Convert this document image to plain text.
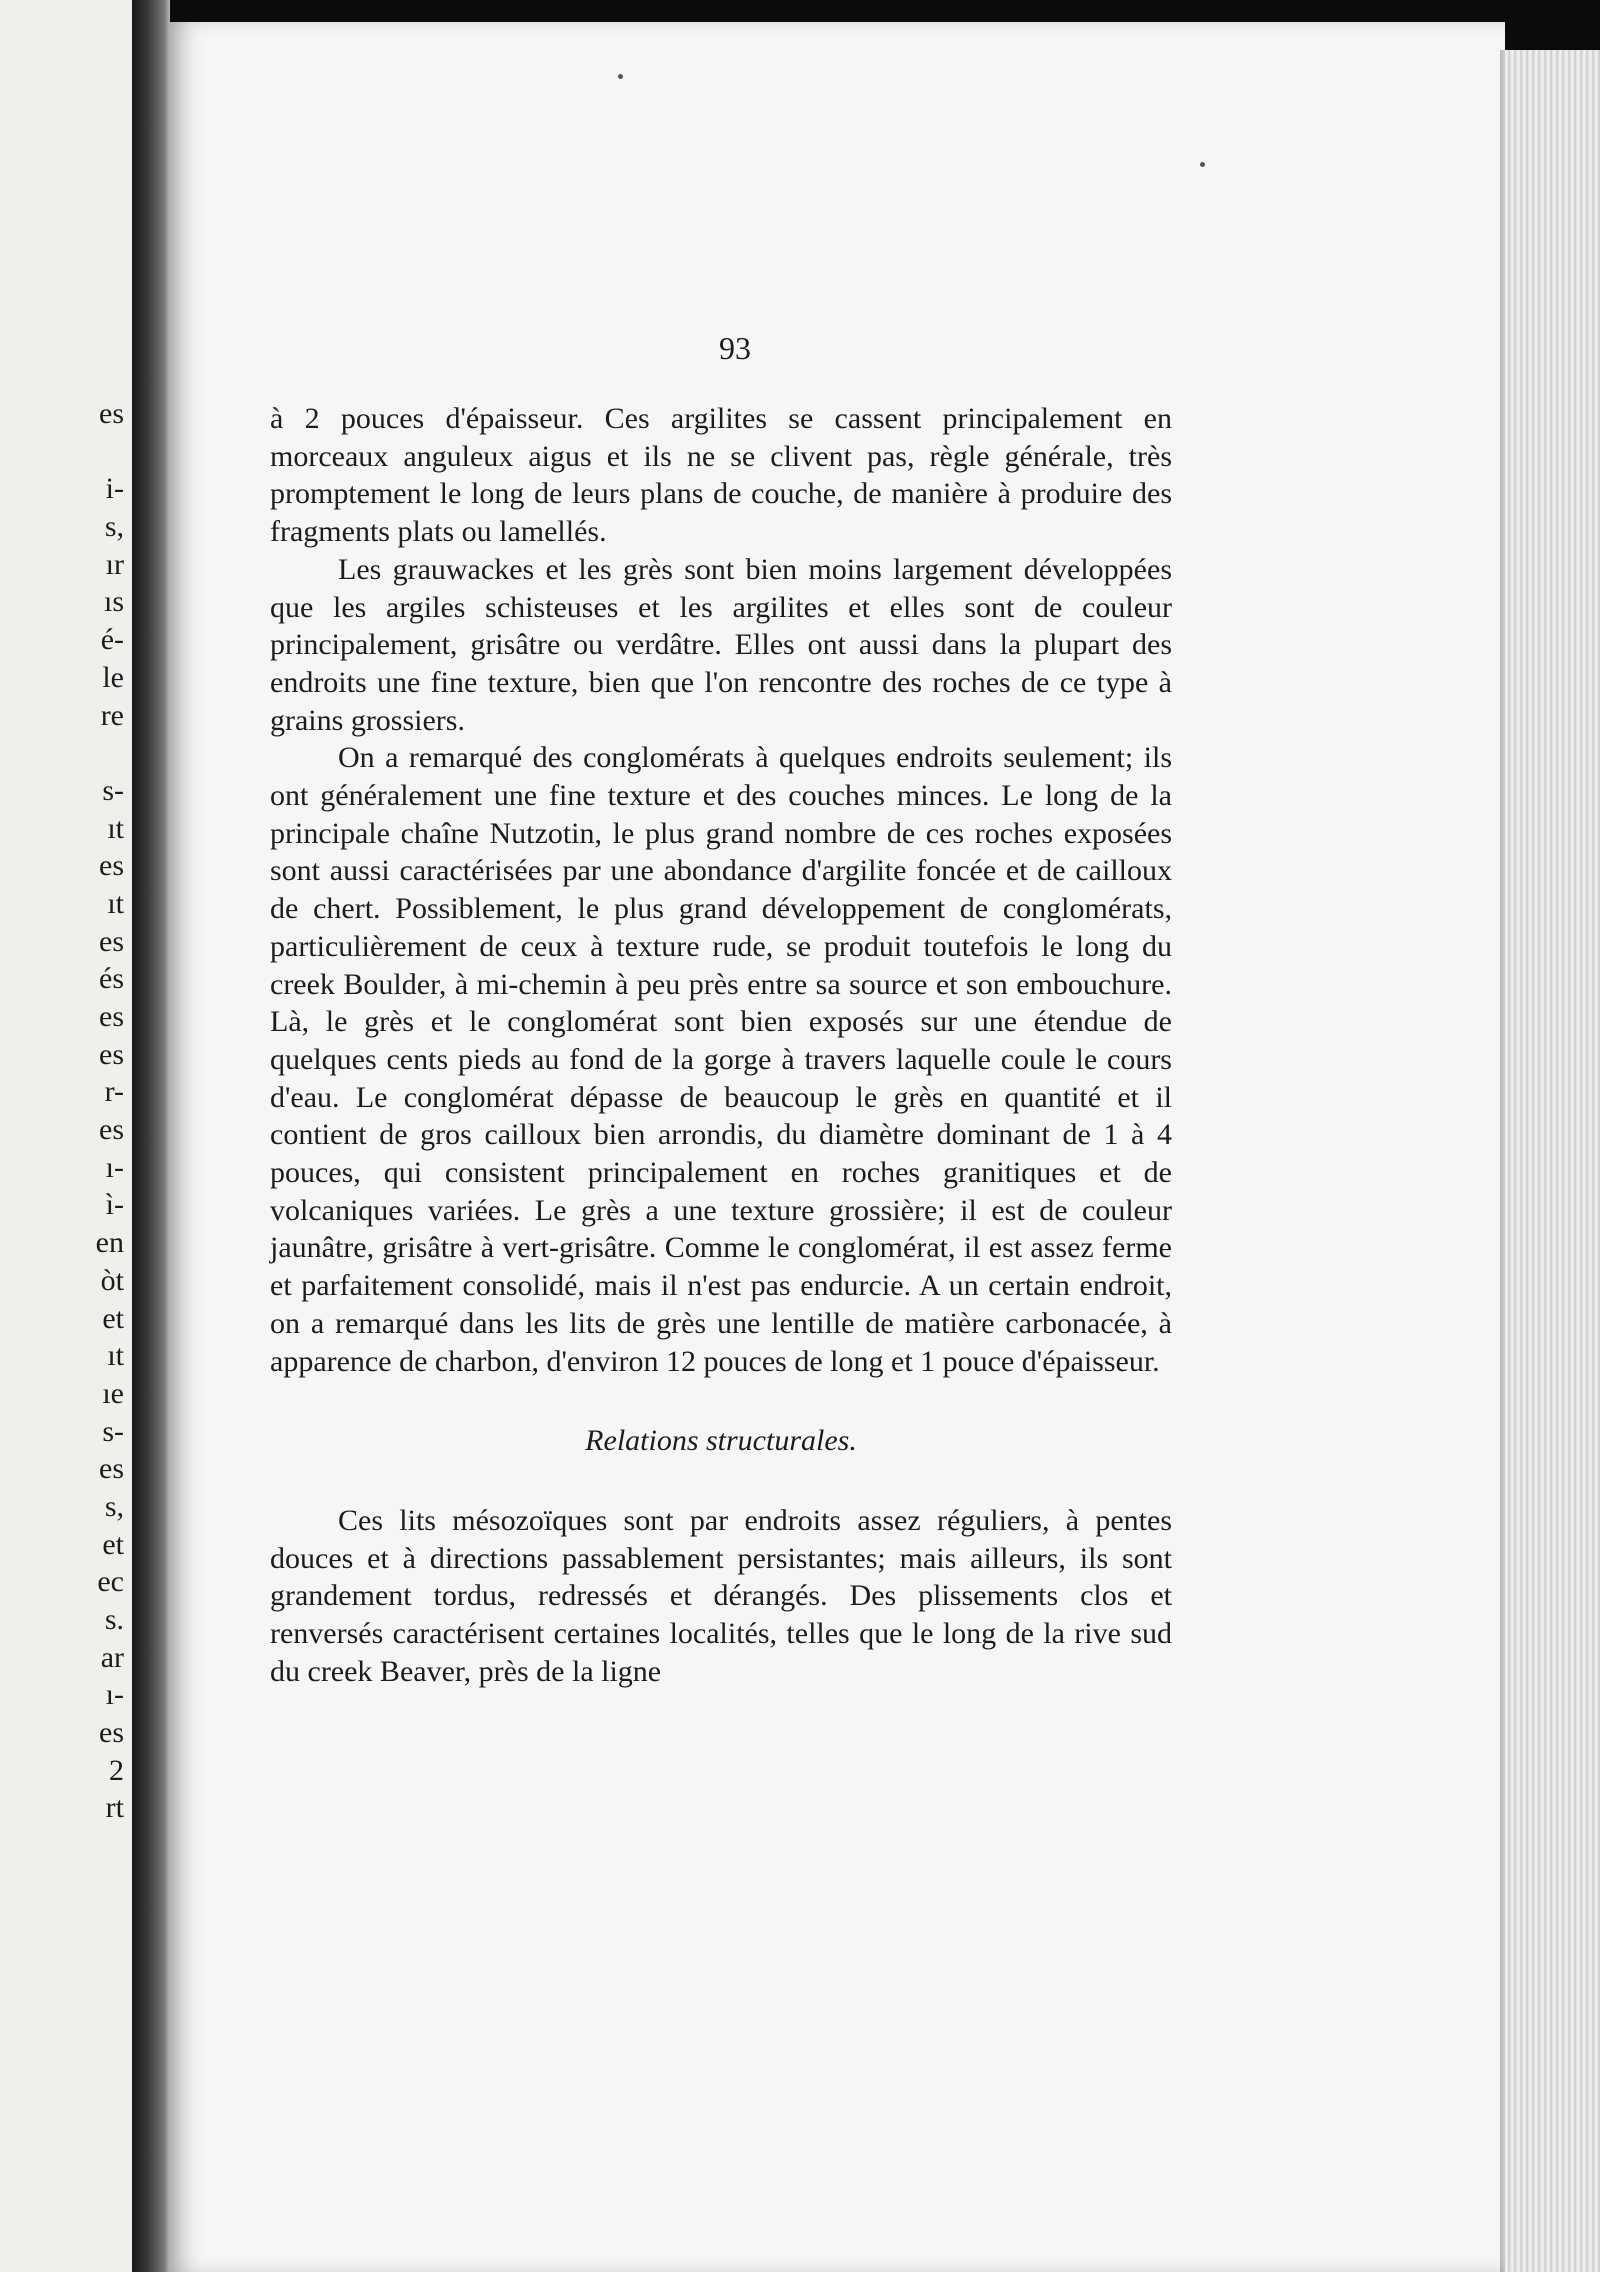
es
i-
s,
ır
ıs
é-
le
re
s-
ıt
es
ıt
es
és
es
es
r-
es
ı-
ì-
en
òt
et
ıt
ıe
s-
es
s,
et
ec
s.
ar
ı-
es
2
rt
93

à 2 pouces d'épaisseur. Ces argilites se cassent principalement en morceaux anguleux aigus et ils ne se clivent pas, règle générale, très promptement le long de leurs plans de couche, de manière à produire des fragments plats ou lamellés.

Les grauwackes et les grès sont bien moins largement développées que les argiles schisteuses et les argilites et elles sont de couleur principalement, grisâtre ou verdâtre. Elles ont aussi dans la plupart des endroits une fine texture, bien que l'on rencontre des roches de ce type à grains grossiers.

On a remarqué des conglomérats à quelques endroits seulement; ils ont généralement une fine texture et des couches minces. Le long de la principale chaîne Nutzotin, le plus grand nombre de ces roches exposées sont aussi caractérisées par une abondance d'argilite foncée et de cailloux de chert. Possiblement, le plus grand développement de conglomérats, particulièrement de ceux à texture rude, se produit toutefois le long du creek Boulder, à mi-chemin à peu près entre sa source et son embouchure. Là, le grès et le conglomérat sont bien exposés sur une étendue de quelques cents pieds au fond de la gorge à travers laquelle coule le cours d'eau. Le conglomérat dépasse de beaucoup le grès en quantité et il contient de gros cailloux bien arrondis, du diamètre dominant de 1 à 4 pouces, qui consistent principalement en roches granitiques et de volcaniques variées. Le grès a une texture grossière; il est de couleur jaunâtre, grisâtre à vert-grisâtre. Comme le conglomérat, il est assez ferme et parfaitement consolidé, mais il n'est pas endurcie. A un certain endroit, on a remarqué dans les lits de grès une lentille de matière carbonacée, à apparence de charbon, d'environ 12 pouces de long et 1 pouce d'épaisseur.

Relations structurales.

Ces lits mésozoïques sont par endroits assez réguliers, à pentes douces et à directions passablement persistantes; mais ailleurs, ils sont grandement tordus, redressés et dérangés. Des plissements clos et renversés caractérisent certaines localités, telles que le long de la rive sud du creek Beaver, près de la ligne
